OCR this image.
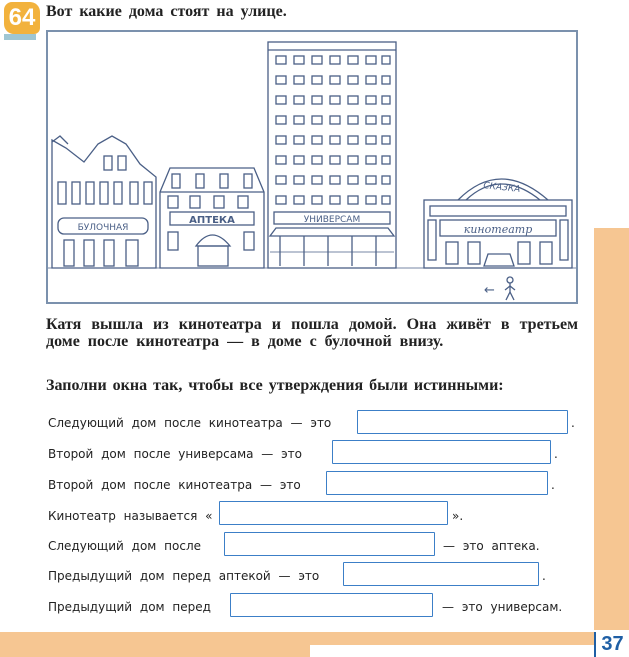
37
64 Вот какие дома стоят на улице.
БУЛОЧНАЯ
АПТЕКА	УНИВЕРСАМ
СКАЗКА
кинотеатр
←
Катя вышла из кинотеатра и пошла домой. Она живёт в третьем доме после кинотеатра — в доме с булочной внизу.
Заполни окна так, чтобы все утверждения были истинными:
Следующий дом после кинотеатра — это	.
Второй дом после универсама — это	.
Второй дом после кинотеатра — это	.
Кинотеатр называется «	».
Следующий дом после	— это аптека.
Предыдущий дом перед аптекой — это	.
Предыдущий дом перед	— это универсам.
